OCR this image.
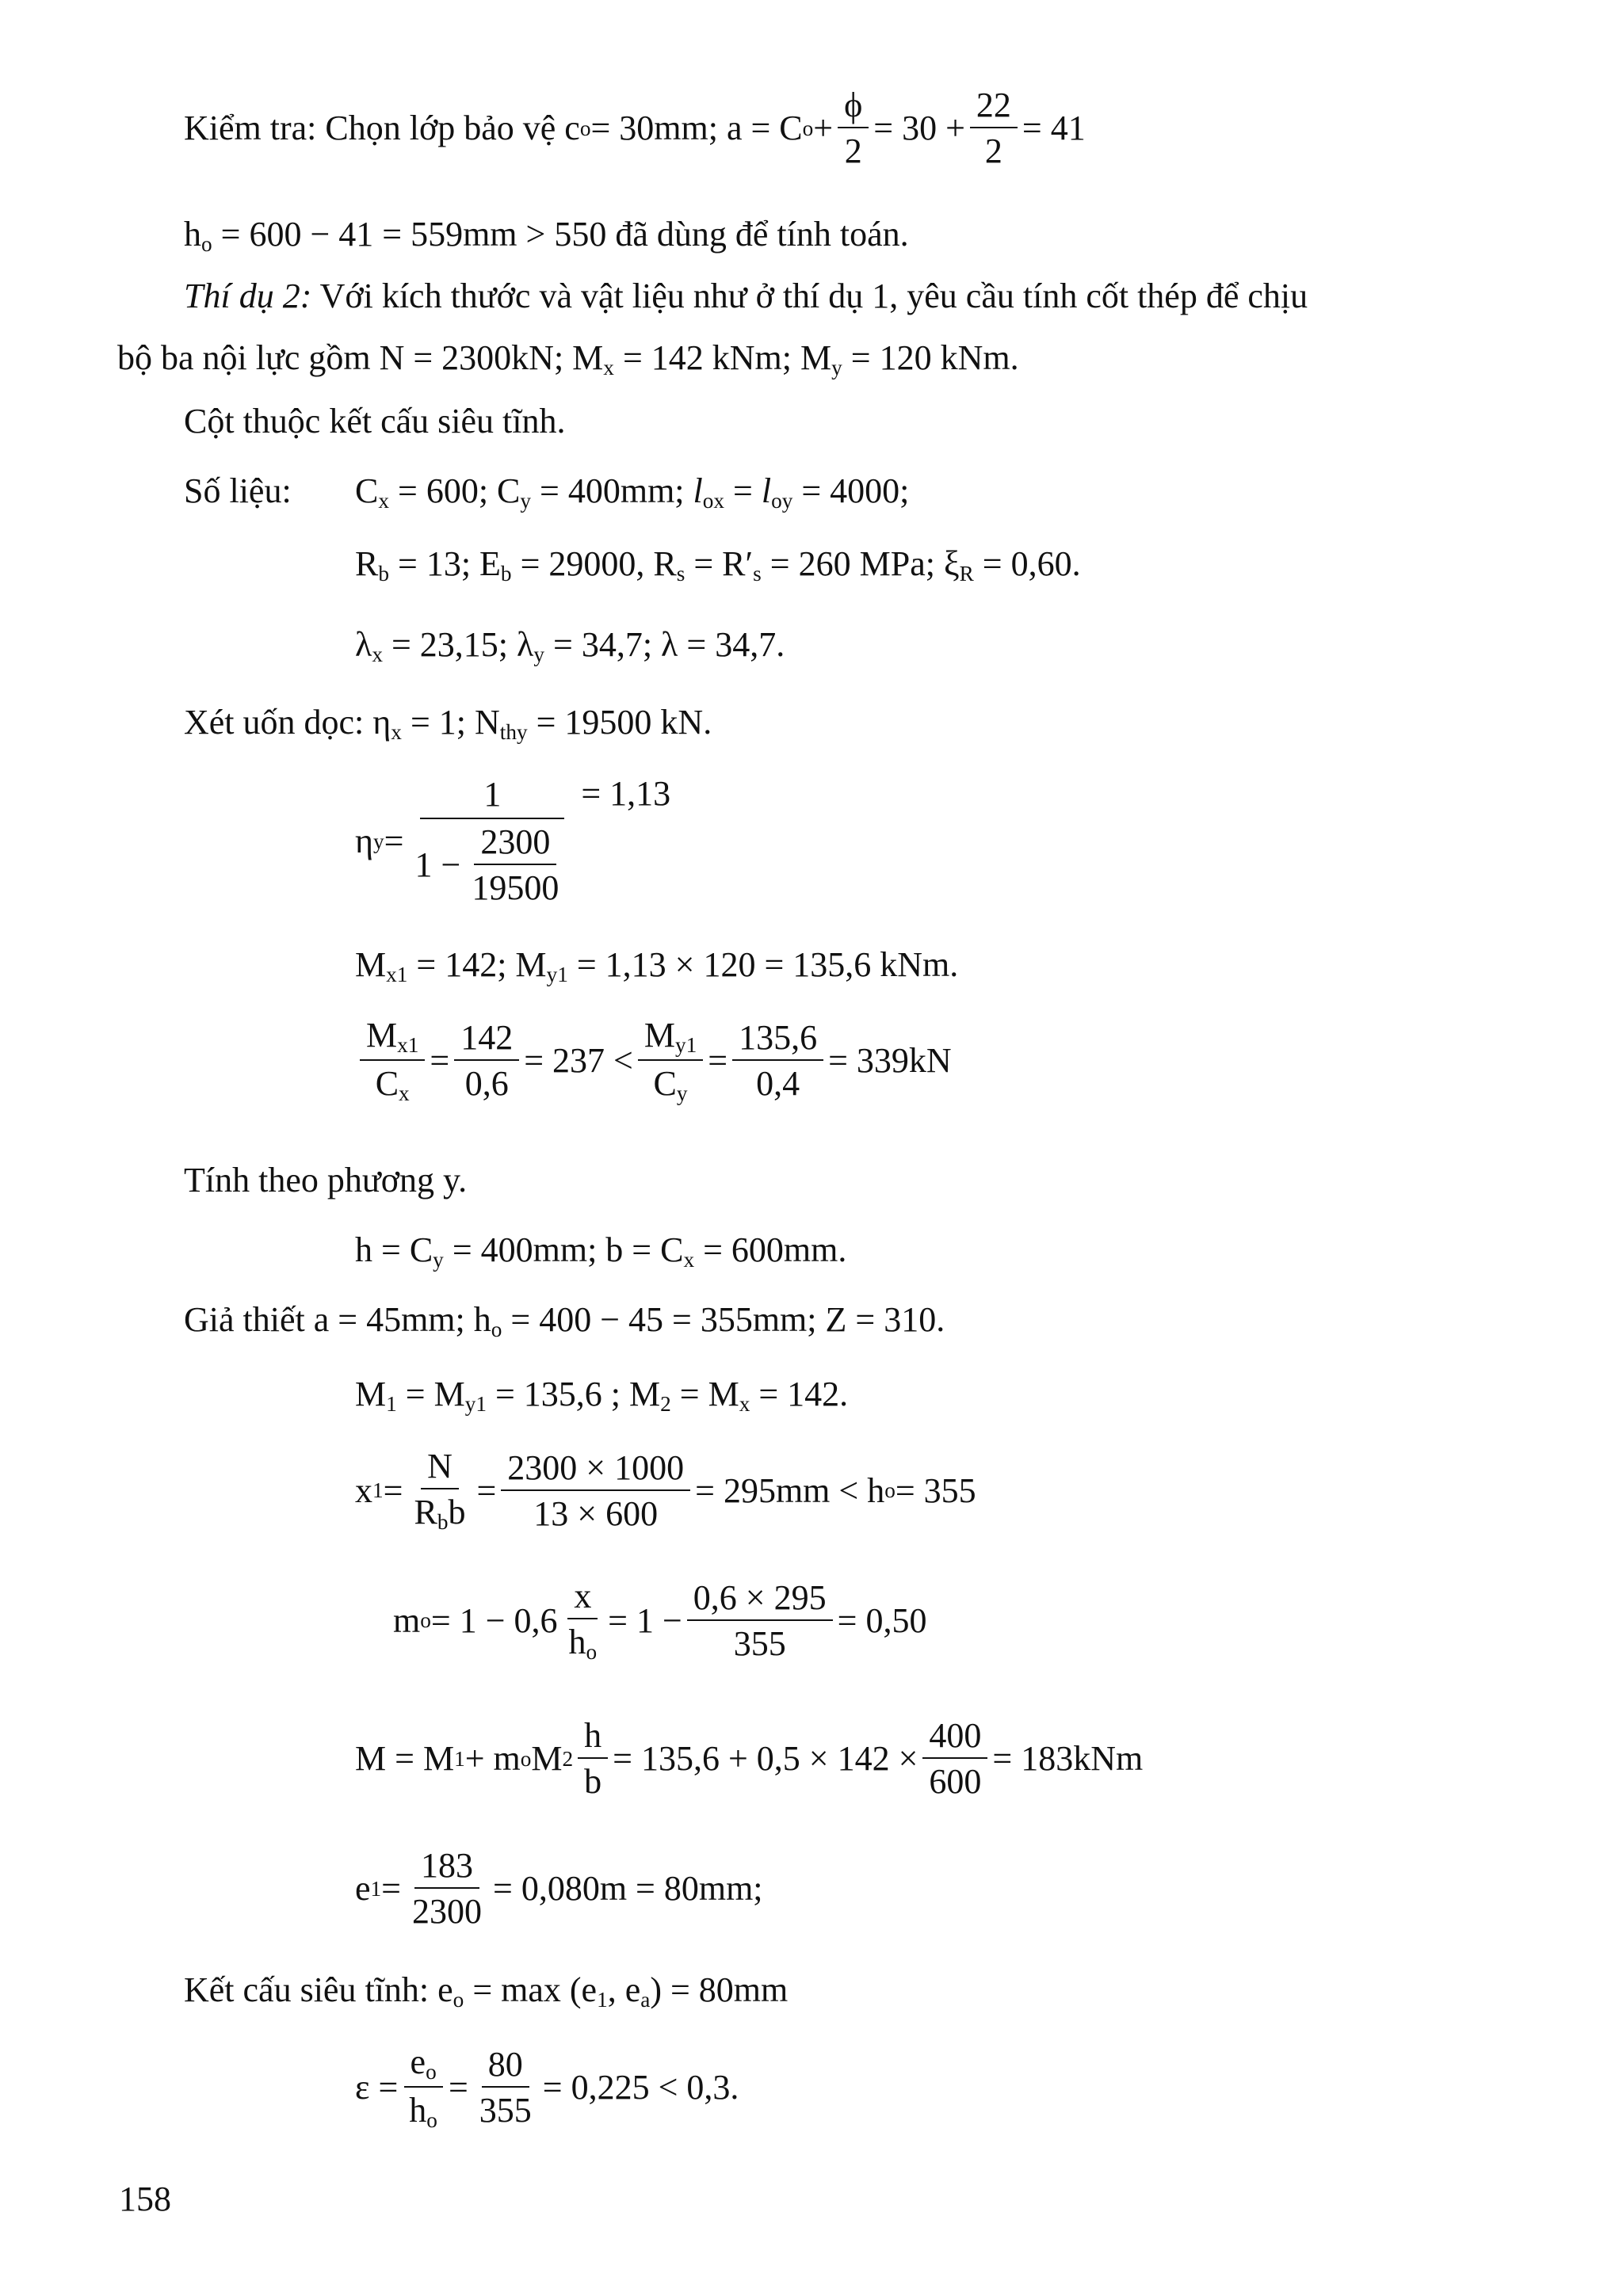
Kiểm tra: Chọn lớp bảo vệ c o = 30mm; a = C $o + \frac{\phi}{2} = 30 + \frac{22}{2} = 41$
$h_o = 600 - 41 = 559mm > 550$ đã dùng để tính toán.
Thí dụ 2: Với kích thước và vật liệu như ở thí dụ 1, yêu cầu tính cốt thép để chịu
bộ ba nội lực gồm N = 2300kN; $M_x = 142$ kNm; $M_y = 120$ kNm.
Cột thuộc kết cấu siêu tĩnh.
Số liệu: $C_x = 600$; $C_y = 400mm$; $l_{ox} = l_{oy} = 4000$;
$R_b = 13$; $E_b = 29000$, $R_s = R'_s = 260$ MPa; $\xi_R = 0,60$.
$\lambda_x = 23,15$; $\lambda_y = 34,7$; λ = 34,7.
Xét uốn dọc: $\eta_x = 1$; $N_{thy} = 19500$ kN.
η $y = \frac{1}{1 - \frac{2300}{19500}} = 1,13$
$M_{x1} = 142$; $M_{y1} = 1,13 \times 120 = 135,6$ kNm.
$\frac{M_{x1}}{C_x} = \frac{142}{0,6} = 237 < \frac{M_{y1}}{C_y} = \frac{135,6}{0,4} = 339kN$
Tính theo phương y.
$h = C_y = 400mm$; $b = C_x = 600mm$.
Giả thiết a = 45mm; $h_o = 400 - 45 = 355mm$; Z = 310.
$M_1 = M_{y1} = 135,6$ ; $M_2 = M_x = 142$.
x $1 = \frac{N}{R_bb} = \frac{2300 \times 1000}{13 \times 600} = 295mm < h$ o = 355
m $o = 1 - 0,6 \frac{x}{h_o} = 1 - \frac{0,6 \times 295}{355} = 0,50$
M = M 1 + m o M $2 \frac{h}{b} = 135,6 + 0,5 \times 142 \times \frac{400}{600} = 183kNm$
e $1 = \frac{183}{2300} = 0,080m = 80mm$;
Kết cấu siêu tĩnh: $e_o = \max (e_1$, $e_a) = 80mm$
$\varepsilon = \frac{e_o}{h_o} = \frac{80}{355} = 0,225 < 0,3$.
158
